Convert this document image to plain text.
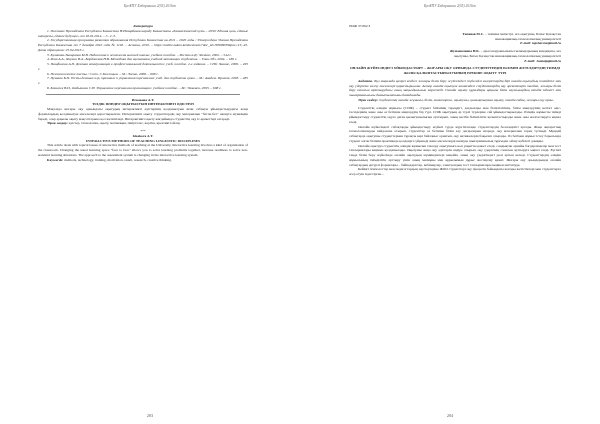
ҚазҰПУ Хабаршысы 2(55) 2016ж
Литература
1. Послание Президента Республики Казахстан Н.Назарбаева народу Казахстана «Казахстанский путь – 2050: Единая цель, единые интересы, единое будущее» от 18.01.2014. – С. 2–3.
2. Государственная программа развития образования Республики Казахстан на 2011 – 2020 годы / Утверждена Указом Президента Республики Казахстан от 7 декабря 2010 года № 1118. – Астана, 2010. – https://online.zakon.kz/document/?doc_id=30908039#pos=15;-45. Дата обращения: 25.04.2016 г.
3. Кулакова-Тыкарлова М.В. Педагогика и психология высшей школы: учебное пособие. – Ростов н/Д.: Феникс, 2002. – 544 с.
4. Реан А.А., Якунин В.А., Бордовская Н.В. Методика для оценивания учебной мотивации студентов. – Улан-Удэ, 2004. – 186 с.
5. Панфилова А.П. Деловая коммуникация в профессиональной деятельности: учеб. пособие. 2-е издание. – СПб: Знание, 2006. – 495 с.
6. Психологические тесты / Сост. С.Кислицын. – М.: Эксмо, 2008. – 608 с.
7. Пузанов Б.П. Тесты деловых игр, тренинги и управления персоналом: учеб. для студентов вузов. – М.: Академ. Проект, 2003. – 285 с.
8. Кошелев В.П., Кабышева С.Н. Управление персоналом организации: учебное пособие. – М.: Экзамен, 2003. – 608 с.
Искакова А.Т.
ТІЛДІК ПӘНДЕР ОҚЫТЫЛУЫН ИНТЕРАКТИВТІ ӘДІСТЕРІ
Мақалада жоғары оқу орнындағы оқытудың интерактивті әдістерінің қолданылуын яғни сабақты ұйымдастырудағы жаңа формалардың қолданылуы мәселелері қарастырылған. Интерактивті оқыту студенттердің оқу материалын "бетпе-бет" шешуге мүмкіндік береді, олар арқылы оқыту мақсаттарына қол жеткізіледі. Интерактивті оқыту жағдайында студенттің оқу іс-әрекеттері өзгереді.
Тірек сөздер: әдістер, технология, оқыту, мотивация, пікірталас, көргіш, креативті ойлау.
***
Iskakova A.T.
INTERACTIVE METHODS OF TEACHING LINGUISTIC DISCIPLINES
This article deals with topical issues of interactive methods of teaching at the University. Interactive learning involves a kind of organization of the classroom. Changing the usual learning space "face to face" allows you to solve learning problems together, increase readiness to solve non-standard learning situations. The approach to the assessment system is changing in the interactive learning system.
Keywords: methods, technology, training, motivation, result, research, creative thinking.
203
ҚазҰПУ Хабаршысы 2(55) 2016ж
ӘОЖ 37.062.3
Тапанов М.С. – техника магистрі, аға оқытушы, Батыс Қазақстан инновациялық-технологиялық университеті
E-mail: tapshet.me@mail.ru
Жуманалиева Н.К. – ауыл шаруашылығы ғылымдарының кандидаты, аға оқытушы, Батыс Қазақстан инновациялық-технологиялық университеті
E-mail: Jauzaip@mail.ru
ОНЛАЙН ЖҮЙЕСІНДЕГІ ҰЙЫМДАСТЫРУ – ЖОҒАРЫ ОҚУ ОРНЫНДА СТУДЕНТТЕРДІҢ БІЛІМІН ЖЕТІЛДІРУДІҢ ТИІМДІ ЖОЛЫ ҚАЛЫПТАСТЫРЫЛУЫНЫҢ ЕРЕКШЕ ОҚЫТУ ТҮРІ
Андатпа. Бұл мақалада қазіргі кездегі жоғары білім беру жүйесіндегі түбегейлі өзгерістердің бірі онлайн оқытудың тиімділігі мен оқу үдерісіне енгізу мәселелері қарастырылған. Автор онлайн оқытуға көшкендегі студенттердің оқу әрекеттерін талдап, жоғары білім беру сапасын арттырудағы оның маңыздылығын көрсетеді. Онлайн оқыту құралдары арқылы білім алушылардың өзіндік ізденісі мен шығармашылығы дамытылатыны баяндалады.
Тірек сөздер: студенттің онлайн жұмысы, білім, мониторинг, оқытушы, қашықтықтан оқыту, онлайн сабақ, жоғары оқу орны.
Студенттің өзіндік жұмысы (СӨЖ) – студент білімінің тереңдігі, дағдылары мен біліктілігінің, білім меңгеруінің негізгі әдіс-тәсілдерінің және оны өз бетінше меңгерудің бір түрі. СӨЖ оқытудың әр түрлі түрлеріне сай ұйымдастырылады. Өзіндік жұмысты тиімді ұйымдастыру студенттің оқуға деген қызығушылығын арттырып, оның кәсіби біліктілігін қалыптастырады және оны жалғастыруға ықпал етеді.
Онлайн жүйесіндегі сабақтарды ұйымдастыру жүйелі түрде жүргізілгенде студенттердің белсенділігі артады. Жаңа ақпараттық технологияларды пайдалана отырып, студенттер өз бетінше білім алу дағдыларын игереді, оқу материалын терең түсінеді. Мұндай сабақтарда оқытушы студенттермен тұрақты кері байланыс орнатып, оқу нәтижелерін бақылап отырады. Өз бетімен жұмыс істеу барысында студент алған білімін практикада қолдануға үйренеді және мәселелерді шешуде шығармашылық тұрғыдан ойлау қабілеті дамиды.
Онлайн оқытуда студенттің өзіндік жұмысын тексеру оқытушыға көп уақытты қажет етеді, сондықтан арнайы бағдарламалар мен тест тапсырмалары кеңінен қолданылады. Оқытушы жаңа оқу әдістерін ендіре отырып, оқу үдерісінің сапасын арттыруға ықпал етеді. Бүгінгі таңда білім беру жүйесінде онлайн оқытудың мүмкіндіктері кеңейіп, оның оқу үдерісіндегі рөлі артып келеді. Студенттердің өзіндік жұмысының тиімділігін арттыру үшін оның мазмұны мен құрылымын дұрыс жоспарлау қажет. Жоғары оқу орындарында онлайн сабақтардың әртүрлі формалары – бейнедәрістер, вебинарлар, электрондық тест тапсырмалары кеңінен енгізілуде.
Кейінгі психологтар мен педагогтардың зерттеулеріне ЖОО студенттері оқу процесін бойындағы жоғары жетістіктері мен студенттерге әсер етуін іздестірген...
204
